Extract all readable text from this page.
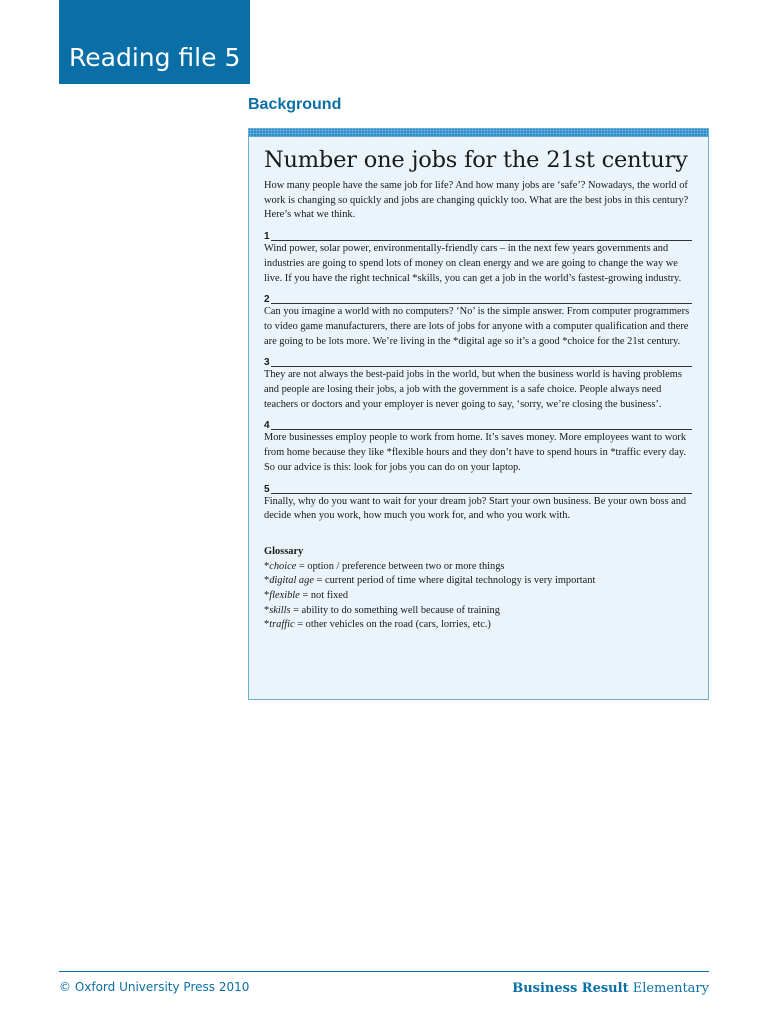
Reading file 5
Background
Number one jobs for the 21st century

How many people have the same job for life? And how many jobs are ‘safe’? Nowadays, the world of work is changing so quickly and jobs are changing quickly too. What are the best jobs in this century? Here’s what we think.

1

Wind power, solar power, environmentally-friendly cars – in the next few years governments and industries are going to spend lots of money on clean energy and we are going to change the way we live. If you have the right technical *skills, you can get a job in the world’s fastest-growing industry.

2

Can you imagine a world with no computers? ‘No’ is the simple answer. From computer programmers to video game manufacturers, there are lots of jobs for anyone with a computer qualification and there are going to be lots more. We’re living in the *digital age so it’s a good *choice for the 21st century.

3

They are not always the best-paid jobs in the world, but when the business world is having problems and people are losing their jobs, a job with the government is a safe choice. People always need teachers or doctors and your employer is never going to say, ‘sorry, we’re closing the business’.

4

More businesses employ people to work from home. It’s saves money. More employees want to work from home because they like *flexible hours and they don’t have to spend hours in *traffic every day. So our advice is this: look for jobs you can do on your laptop.

5

Finally, why do you want to wait for your dream job? Start your own business. Be your own boss and decide when you work, how much you work for, and who you work with.

Glossary
*choice = option / preference between two or more things
*digital age = current period of time where digital technology is very important
*flexible = not fixed
*skills = ability to do something well because of training
*traffic = other vehicles on the road (cars, lorries, etc.)
© Oxford University Press 2010	Business Result Elementary
